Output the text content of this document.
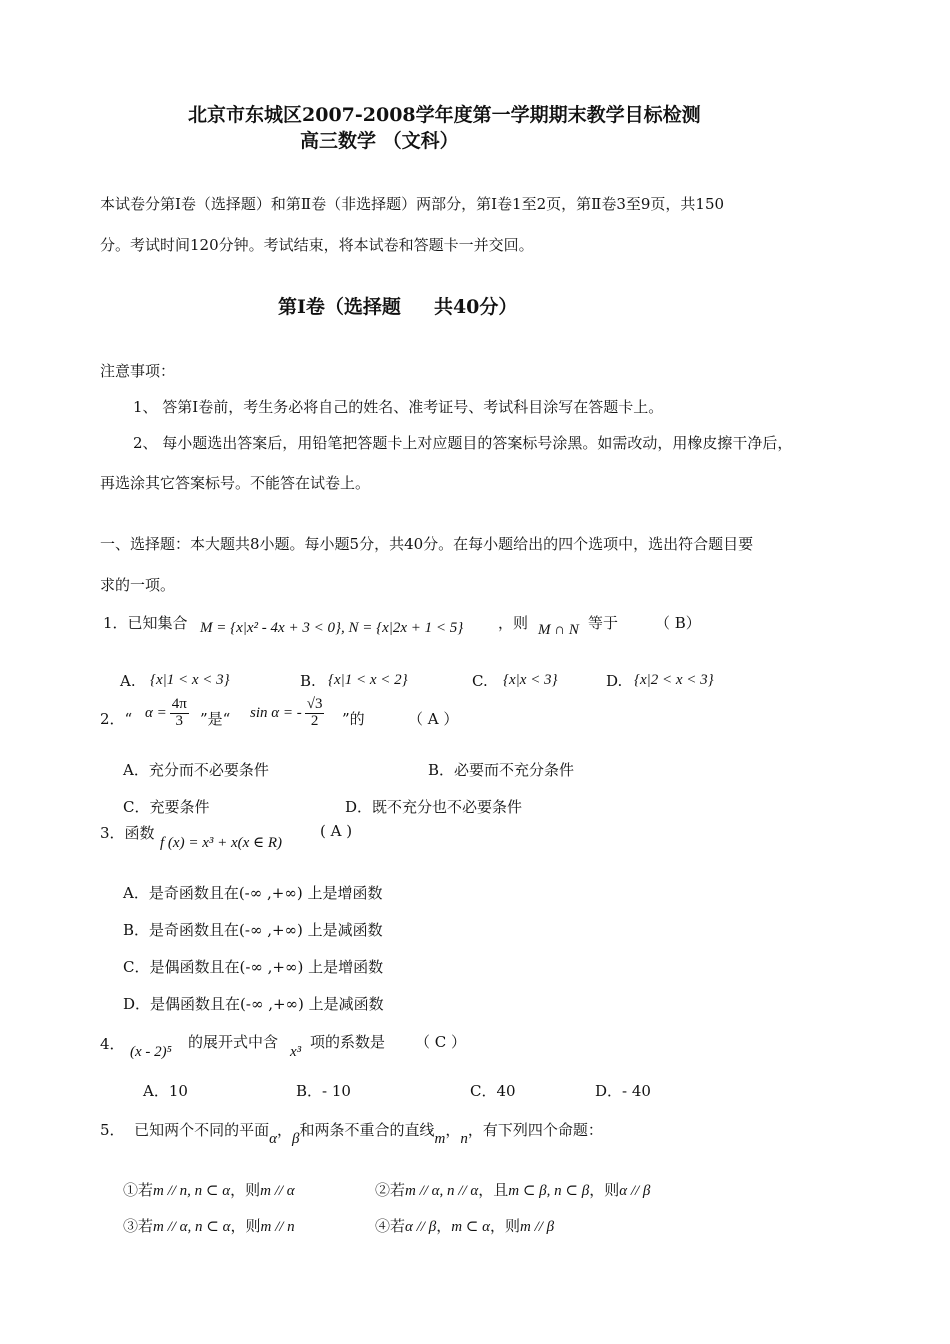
北京市东城区2007-2008学年度第一学期期末教学目标检测
高三数学 （文科）
本试卷分第Ⅰ卷（选择题）和第Ⅱ卷（非选择题）两部分，第Ⅰ卷1至2页，第Ⅱ卷3至9页，共150
分。考试时间120分钟。考试结束，将本试卷和答题卡一并交回。
第Ⅰ卷（选择题     共40分）
注意事项：
1、 答第Ⅰ卷前，考生务必将自己的姓名、准考证号、考试科目涂写在答题卡上。
2、 每小题选出答案后，用铅笔把答题卡上对应题目的答案标号涂黑。如需改动，用橡皮擦干净后，
再选涂其它答案标号。不能答在试卷上。
一、选择题：本大题共8小题。每小题5分，共40分。在每小题给出的四个选项中，选出符合题目要
求的一项。
1．已知集合 M = {x|x² - 4x + 3 < 0}, N = {x|2x + 1 < 5} ，则 M ∩ N 等于 （ B）
A. {x|1 < x < 3}	B. {x|1 < x < 2}	C. {x|x < 3}	D. {x|2 < x < 3}
2．“ $\alpha = \frac{4\pi}{3}$ ”是“ sin α = - $\frac{√3}{2}$ ”的	（ A ）
A．充分而不必要条件	B．必要而不充分条件
C．充要条件	D．既不充分也不必要条件
3．函数
f (x) = x³ + x(x ∈ R)
( A )
A．是奇函数且在(-∞ ,+∞) 上是增函数
B．是奇函数且在(-∞ ,+∞) 上是减函数
C．是偶函数且在(-∞ ,+∞) 上是增函数
D．是偶函数且在(-∞ ,+∞) 上是减函数
4． (x - 2)⁵
的展开式中含
x³
项的系数是 （ C ）
A．10	B．- 10	C．40	D．- 40
5．  已知两个不同的平面 α ， β 和两条不重合的直线 m ， n ，有下列四个命题：
①若 m // n, n ⊂ α ，则 m // α	②若 m // α, n // α ，且 m ⊂ β, n ⊂ β ，则 α // β
③若 m // α, n ⊂ α ，则 m // n	④若 α // β ， m ⊂ α ，则 m // β
